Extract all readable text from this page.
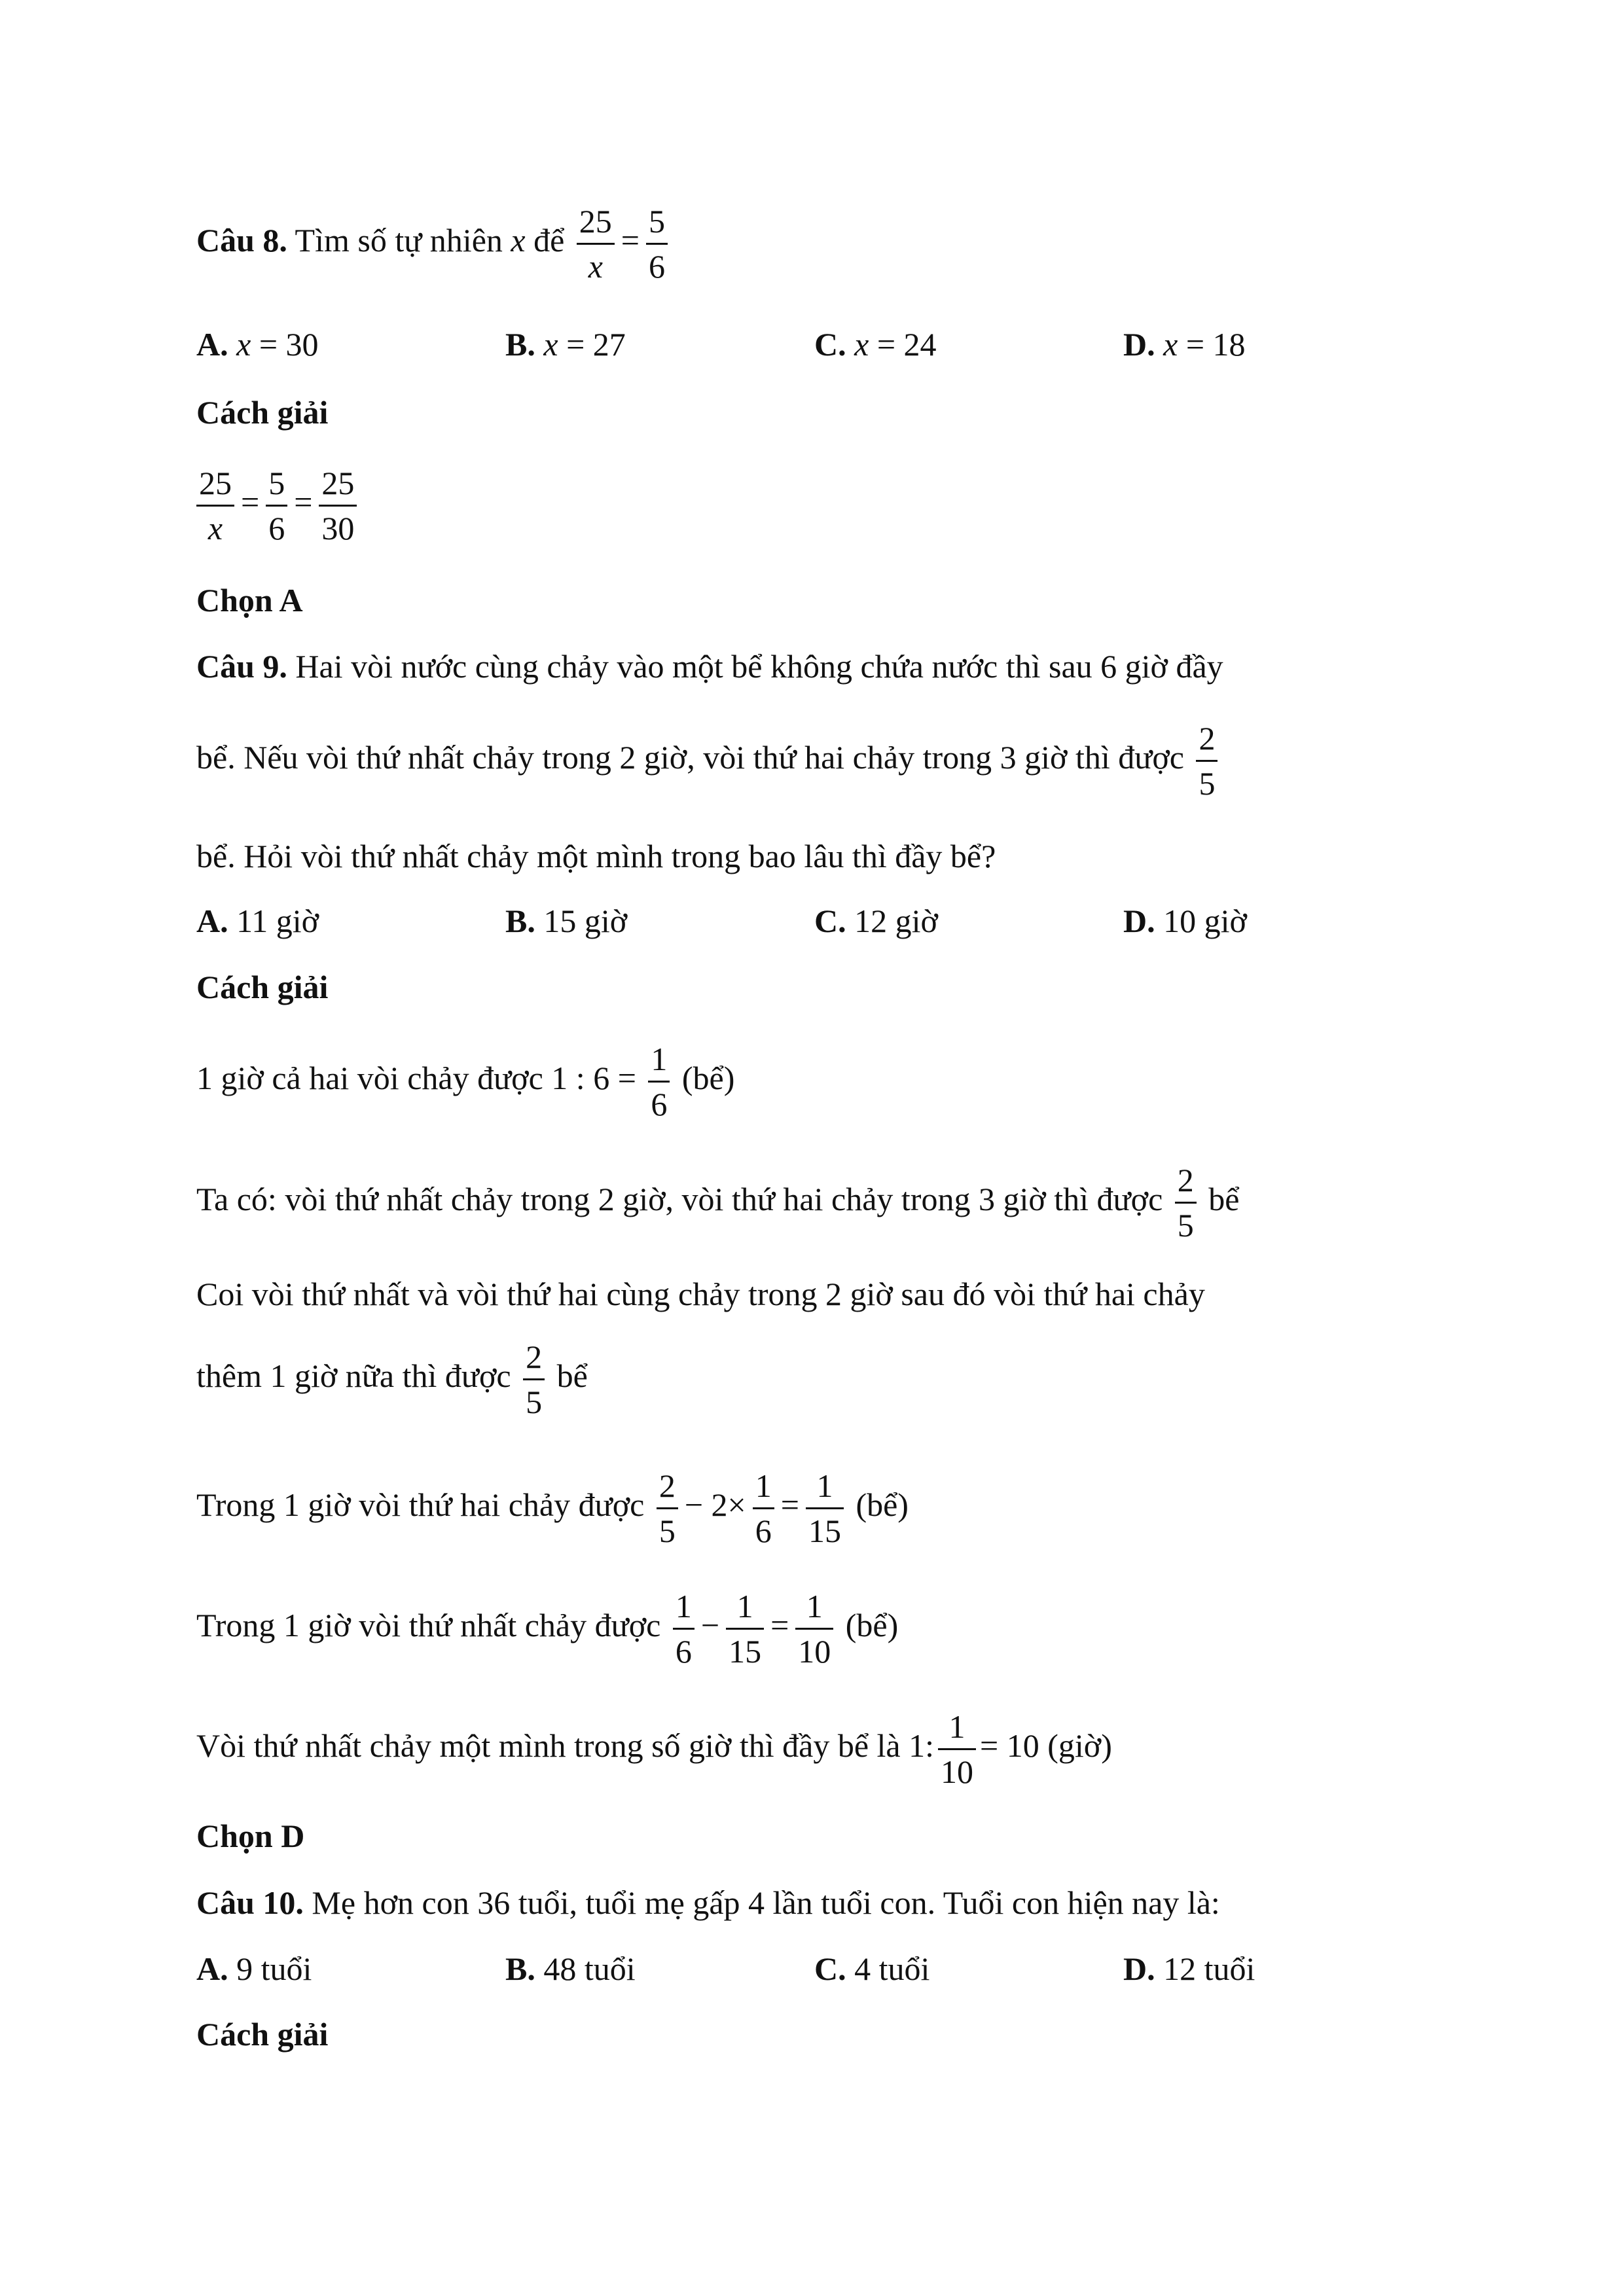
Câu 8. Tìm số tự nhiên x để $\frac{25}{x} = \frac{5}{6}$
A. x = 30	B. x = 27	C. x = 24	D. x = 18
Cách giải
$\frac{25}{x} = \frac{5}{6} = \frac{25}{30}$
Chọn A
Câu 9. Hai vòi nước cùng chảy vào một bể không chứa nước thì sau 6 giờ đầy
bể. Nếu vòi thứ nhất chảy trong 2 giờ, vòi thứ hai chảy trong 3 giờ thì được $\frac{2}{5}$
bể. Hỏi vòi thứ nhất chảy một mình trong bao lâu thì đầy bể?
A. 11 giờ	B. 15 giờ	C. 12 giờ	D. 10 giờ
Cách giải
1 giờ cả hai vòi chảy được 1 : $6 = \frac{1}{6}$ (bể)
Ta có: vòi thứ nhất chảy trong 2 giờ, vòi thứ hai chảy trong 3 giờ thì được $\frac{2}{5}$ bể
Coi vòi thứ nhất và vòi thứ hai cùng chảy trong 2 giờ sau đó vòi thứ hai chảy
thêm 1 giờ nữa thì được $\frac{2}{5}$ bể
Trong 1 giờ vòi thứ hai chảy được $\frac{2}{5} - 2\times \frac{1}{6} = \frac{1}{15}$ (bể)
Trong 1 giờ vòi thứ nhất chảy được $\frac{1}{6} - \frac{1}{15} = \frac{1}{10}$ (bể)
Vòi thứ nhất chảy một mình trong số giờ thì đầy bể là 1: $\frac{1}{10} = 10$ (giờ)
Chọn D
Câu 10. Mẹ hơn con 36 tuổi, tuổi mẹ gấp 4 lần tuổi con. Tuổi con hiện nay là:
A. 9 tuổi	B. 48 tuổi	C. 4 tuổi	D. 12 tuổi
Cách giải
